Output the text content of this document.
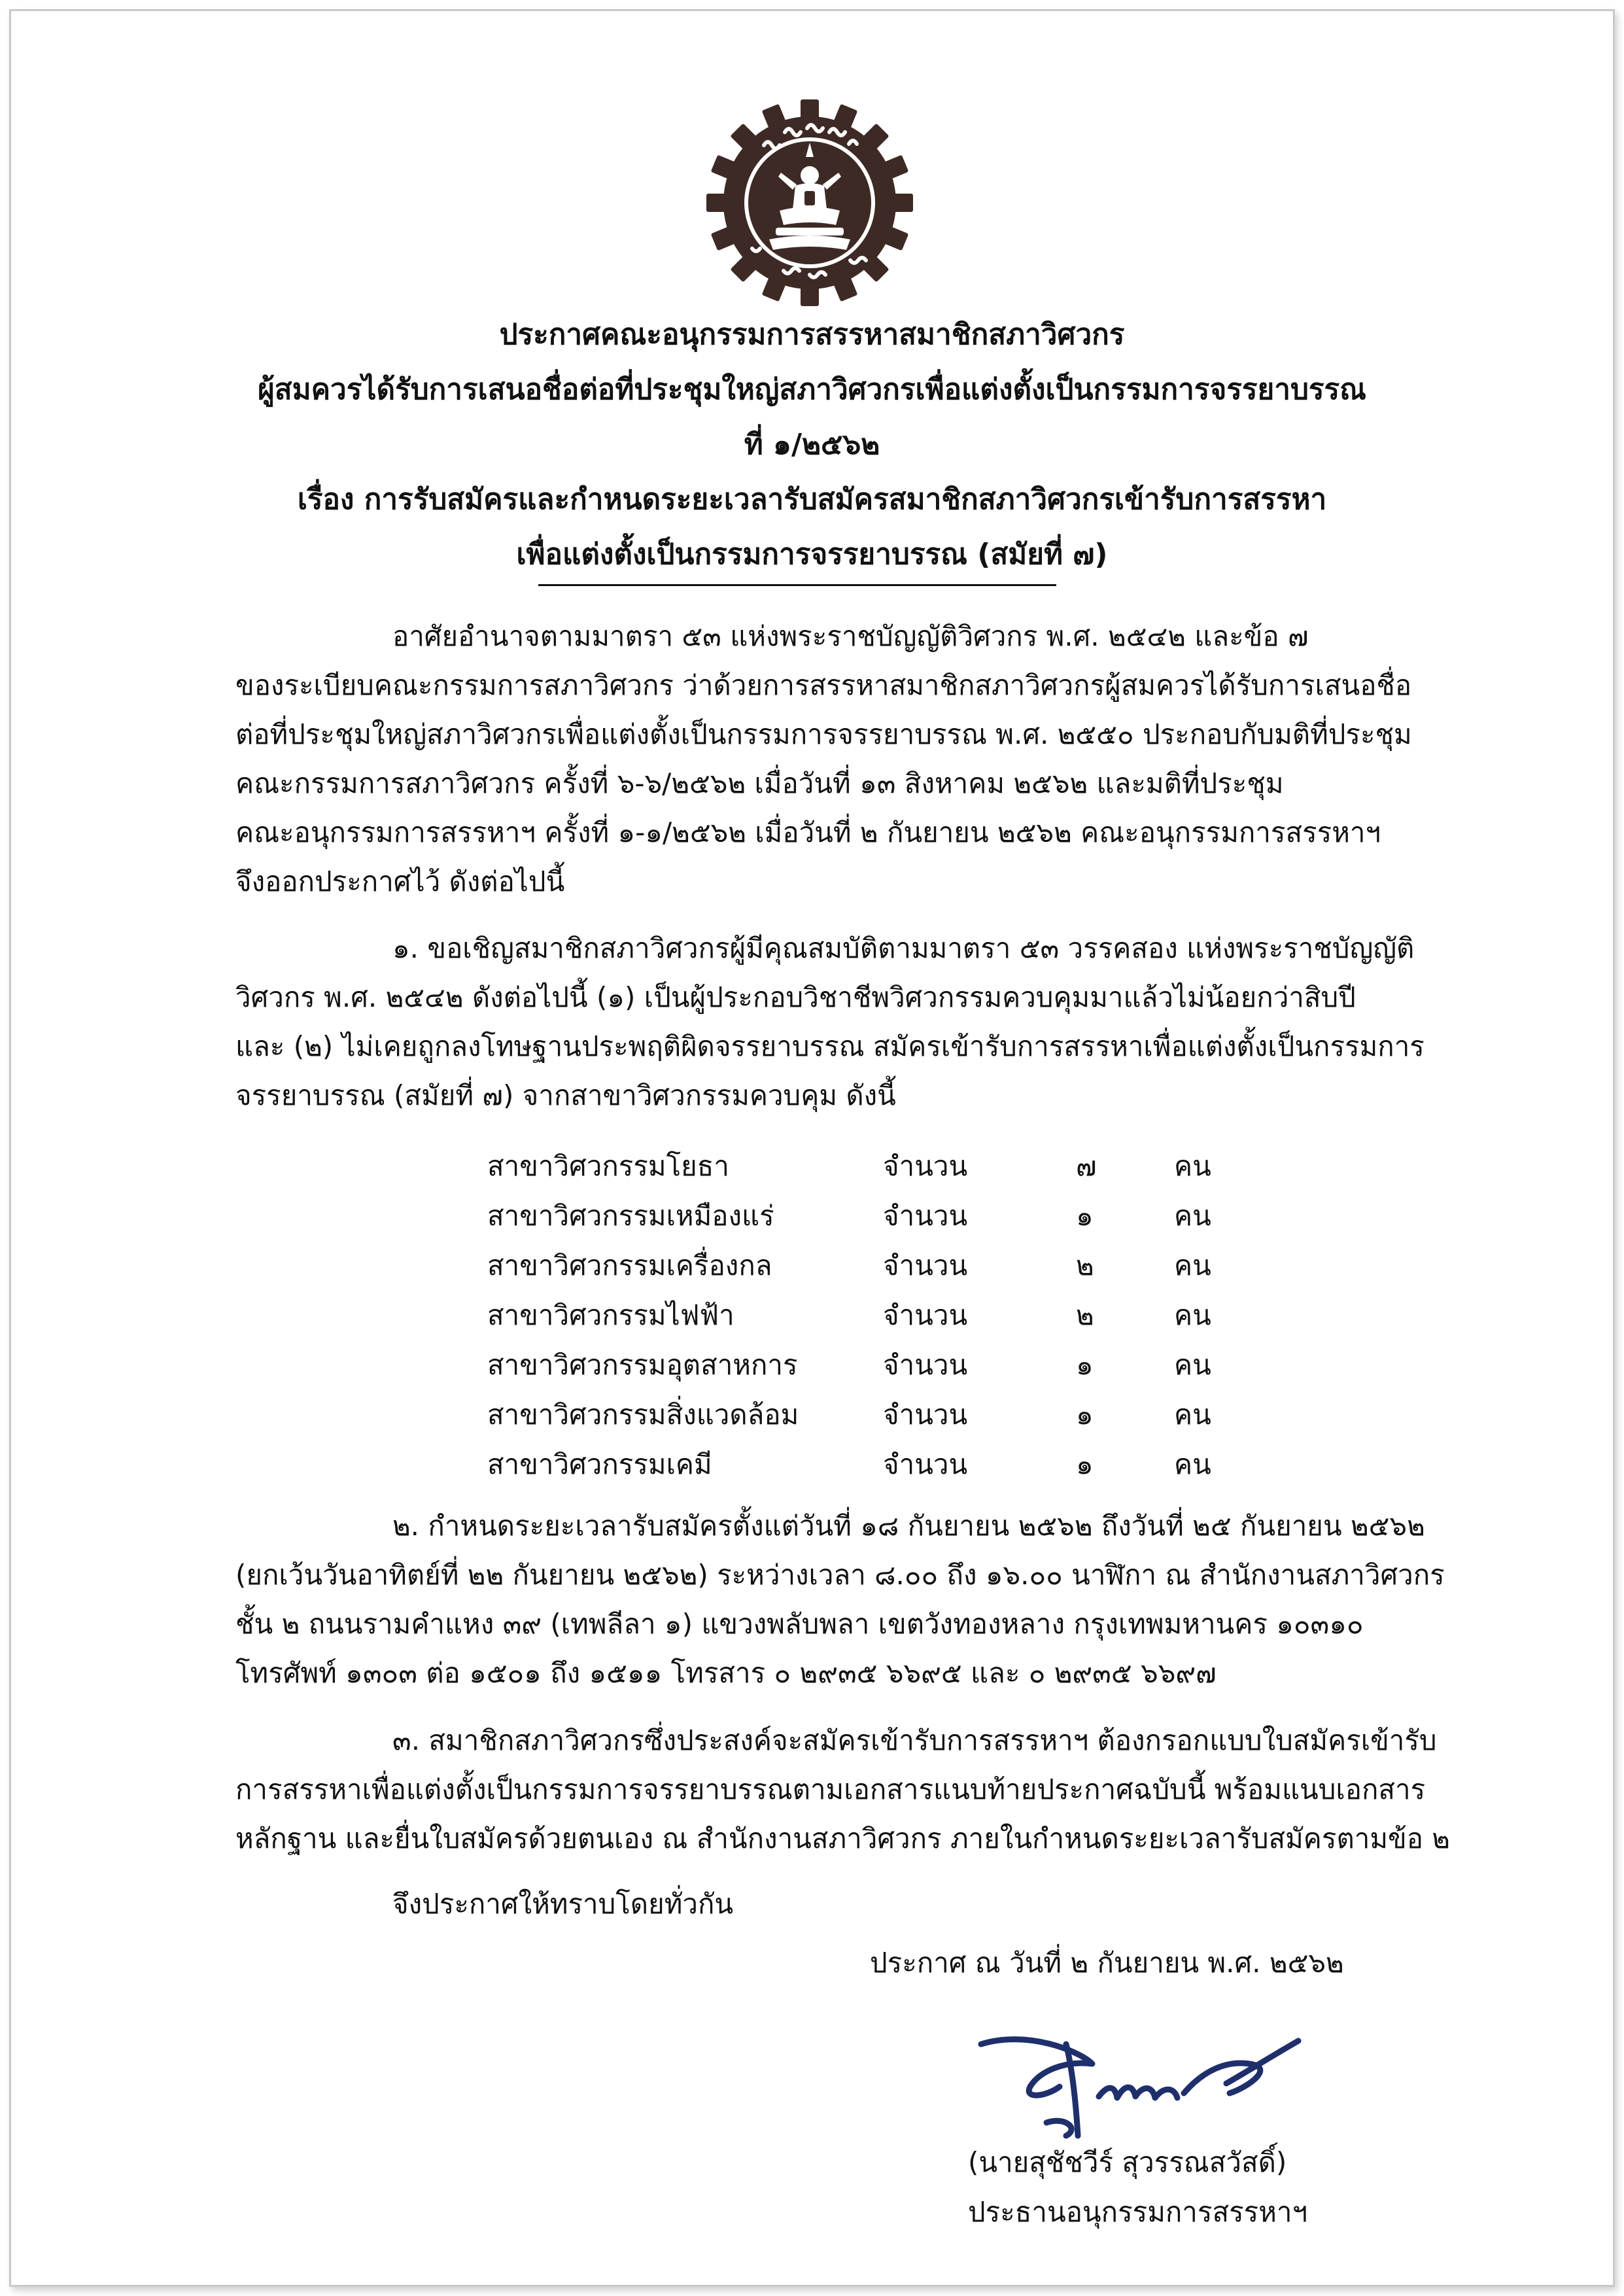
ประกาศคณะอนุกรรมการสรรหาสมาชิกสภาวิศวกร
ผู้สมควรได้รับการเสนอชื่อต่อที่ประชุมใหญ่สภาวิศวกรเพื่อแต่งตั้งเป็นกรรมการจรรยาบรรณ
ที่ ๑/๒๕๖๒
เรื่อง การรับสมัครและกำหนดระยะเวลารับสมัครสมาชิกสภาวิศวกรเข้ารับการสรรหา
เพื่อแต่งตั้งเป็นกรรมการจรรยาบรรณ (สมัยที่ ๗)
อาศัยอำนาจตามมาตรา ๕๓ แห่งพระราชบัญญัติวิศวกร พ.ศ. ๒๕๔๒ และข้อ ๗
ของระเบียบคณะกรรมการสภาวิศวกร ว่าด้วยการสรรหาสมาชิกสภาวิศวกรผู้สมควรได้รับการเสนอชื่อ
ต่อที่ประชุมใหญ่สภาวิศวกรเพื่อแต่งตั้งเป็นกรรมการจรรยาบรรณ พ.ศ. ๒๕๕๐ ประกอบกับมติที่ประชุม
คณะกรรมการสภาวิศวกร ครั้งที่ ๖-๖/๒๕๖๒ เมื่อวันที่ ๑๓ สิงหาคม ๒๕๖๒ และมติที่ประชุม
คณะอนุกรรมการสรรหาฯ ครั้งที่ ๑-๑/๒๕๖๒ เมื่อวันที่ ๒ กันยายน ๒๕๖๒ คณะอนุกรรมการสรรหาฯ
จึงออกประกาศไว้ ดังต่อไปนี้
๑. ขอเชิญสมาชิกสภาวิศวกรผู้มีคุณสมบัติตามมาตรา ๕๓ วรรคสอง แห่งพระราชบัญญัติ
วิศวกร พ.ศ. ๒๕๔๒ ดังต่อไปนี้ (๑) เป็นผู้ประกอบวิชาชีพวิศวกรรมควบคุมมาแล้วไม่น้อยกว่าสิบปี
และ (๒) ไม่เคยถูกลงโทษฐานประพฤติผิดจรรยาบรรณ สมัครเข้ารับการสรรหาเพื่อแต่งตั้งเป็นกรรมการ
จรรยาบรรณ (สมัยที่ ๗) จากสาขาวิศวกรรมควบคุม ดังนี้
สาขาวิศวกรรมโยธา	จำนวน	๗	คน
สาขาวิศวกรรมเหมืองแร่	จำนวน	๑	คน
สาขาวิศวกรรมเครื่องกล	จำนวน	๒	คน
สาขาวิศวกรรมไฟฟ้า	จำนวน	๒	คน
สาขาวิศวกรรมอุตสาหการ	จำนวน	๑	คน
สาขาวิศวกรรมสิ่งแวดล้อม	จำนวน	๑	คน
สาขาวิศวกรรมเคมี	จำนวน	๑	คน
๒. กำหนดระยะเวลารับสมัครตั้งแต่วันที่ ๑๘ กันยายน ๒๕๖๒ ถึงวันที่ ๒๕ กันยายน ๒๕๖๒
(ยกเว้นวันอาทิตย์ที่ ๒๒ กันยายน ๒๕๖๒) ระหว่างเวลา ๘.๐๐ ถึง ๑๖.๐๐ นาฬิกา ณ สำนักงานสภาวิศวกร
ชั้น ๒ ถนนรามคำแหง ๓๙ (เทพลีลา ๑) แขวงพลับพลา เขตวังทองหลาง กรุงเทพมหานคร ๑๐๓๑๐
โทรศัพท์ ๑๓๐๓ ต่อ ๑๕๐๑ ถึง ๑๕๑๑ โทรสาร ๐ ๒๙๓๕ ๖๖๙๕ และ ๐ ๒๙๓๕ ๖๖๙๗
๓. สมาชิกสภาวิศวกรซึ่งประสงค์จะสมัครเข้ารับการสรรหาฯ ต้องกรอกแบบใบสมัครเข้ารับ
การสรรหาเพื่อแต่งตั้งเป็นกรรมการจรรยาบรรณตามเอกสารแนบท้ายประกาศฉบับนี้ พร้อมแนบเอกสาร
หลักฐาน และยื่นใบสมัครด้วยตนเอง ณ สำนักงานสภาวิศวกร ภายในกำหนดระยะเวลารับสมัครตามข้อ ๒
จึงประกาศให้ทราบโดยทั่วกัน
ประกาศ ณ วันที่ ๒ กันยายน พ.ศ. ๒๕๖๒
(นายสุชัชวีร์ สุวรรณสวัสดิ์)
ประธานอนุกรรมการสรรหาฯ
